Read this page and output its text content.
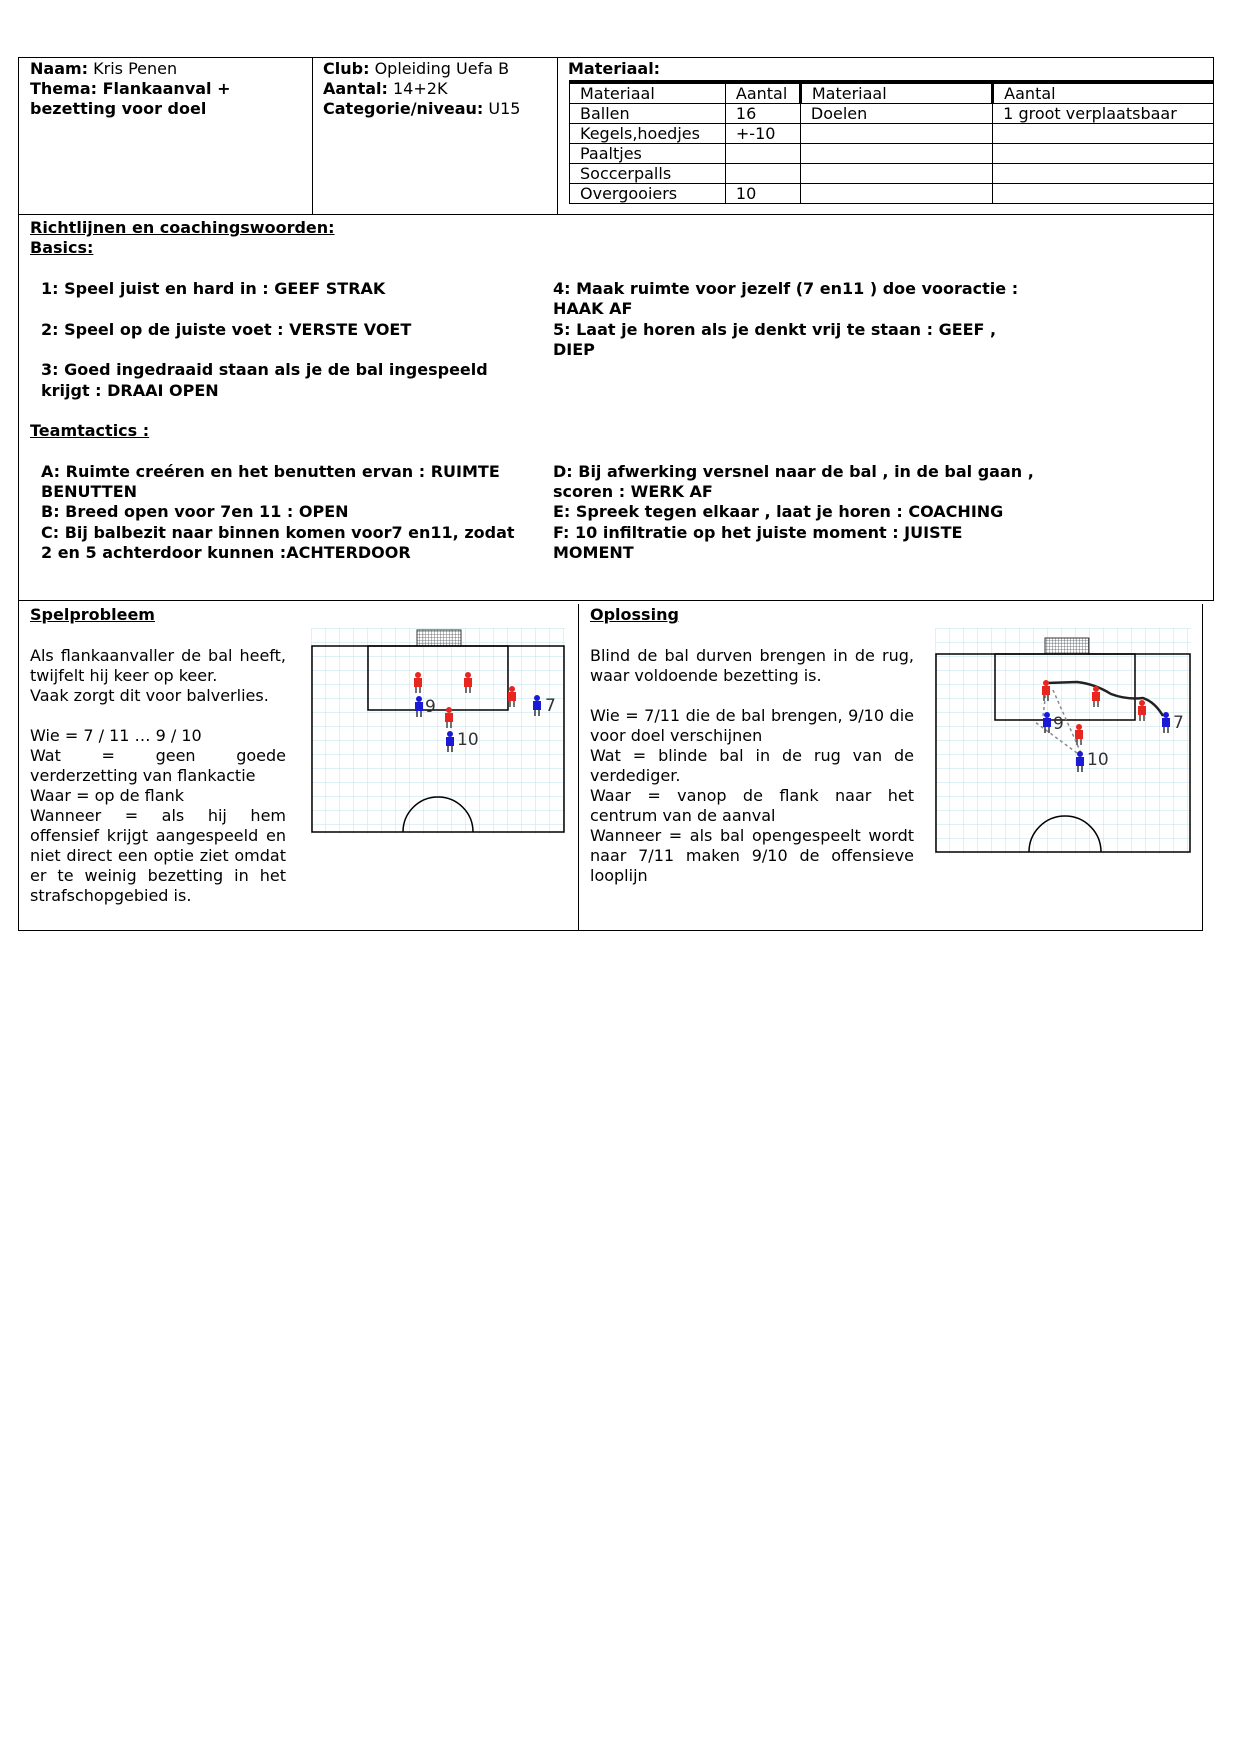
Naam: Kris Penen
Thema: Flankaanval +
bezetting voor doel
Club: Opleiding Uefa B
Aantal: 14+2K
Categorie/niveau: U15
Materiaal:
Materiaal	Aantal	Materiaal	Aantal
Ballen	16	Doelen	1 groot verplaatsbaar
Kegels,hoedjes	+-10		
Paaltjes			
Soccerpalls			
Overgooiers	10		
Richtlijnen en coachingswoorden:
Basics:
1: Speel juist en hard in : GEEF STRAK
2: Speel op de juiste voet : VERSTE VOET
3: Goed ingedraaid staan als je de bal ingespeeld
krijgt : DRAAI OPEN
4: Maak ruimte voor jezelf (7 en11 ) doe vooractie :
HAAK AF
5: Laat je horen als je denkt vrij te staan : GEEF ,
DIEP
Teamtactics :
A: Ruimte creéren en het benutten ervan : RUIMTE
BENUTTEN
B: Breed open voor 7en 11 : OPEN
C: Bij balbezit naar binnen komen voor7 en11, zodat
2 en 5 achterdoor kunnen :ACHTERDOOR
D: Bij afwerking versnel naar de bal , in de bal gaan ,
scoren : WERK AF
E: Spreek tegen elkaar , laat je horen : COACHING
F: 10 infiltratie op het juiste moment : JUISTE
MOMENT
Spelprobleem
Als flankaanvaller de bal heeft, twijfelt hij keer op keer.
Vaak zorgt dit voor balverlies.
Wie = 7 / 11 … 9 / 10
Wat = geen goede verderzetting van flankactie
Waar = op de flank
Wanneer = als hij hem offensief krijgt aangespeeld en niet direct een optie ziet omdat er te weinig bezetting in het strafschopgebied is.
9
10
7
Oplossing
Blind de bal durven brengen in de rug, waar voldoende bezetting is.
Wie = 7/11 die de bal brengen, 9/10 die voor doel verschijnen
Wat = blinde bal in de rug van de verdediger.
Waar = vanop de flank naar het centrum van de aanval
Wanneer = als bal opengespeelt wordt naar 7/11 maken 9/10 de offensieve looplijn
9
10
7
